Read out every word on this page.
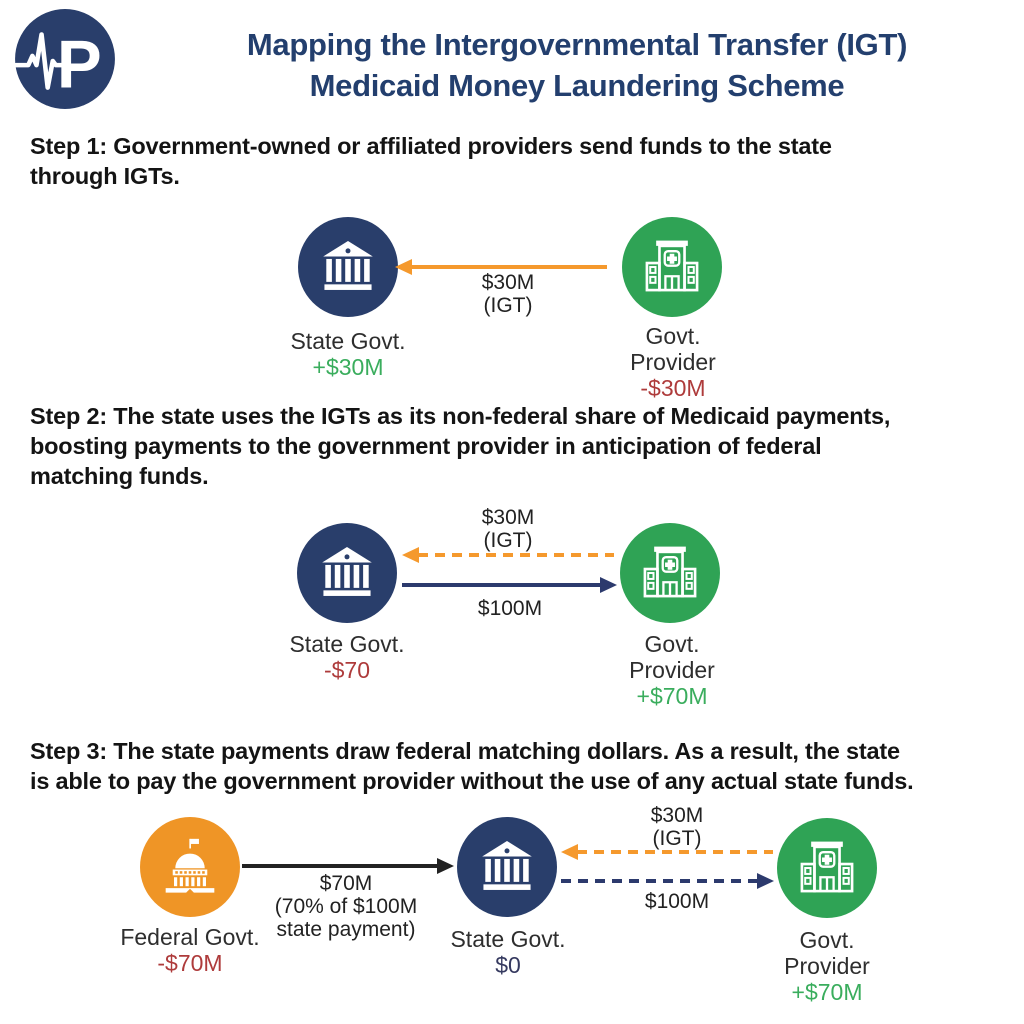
P	Mapping the Intergovernmental Transfer (IGT)
Medicaid Money Laundering Scheme
Step 1: Government-owned or affiliated providers send funds to the state
through IGTs.
$30M
(IGT)
State Govt.
+$30M
Govt.
Provider
-$30M
Step 2: The state uses the IGTs as its non-federal share of Medicaid payments,
boosting payments to the government provider in anticipation of federal
matching funds.
$30M
(IGT)
$100M
State Govt.
-$70
Govt.
Provider
+$70M
Step 3: The state payments draw federal matching dollars. As a result, the state
is able to pay the government provider without the use of any actual state funds.
$70M
(70% of $100M
state payment)
$30M
(IGT)
$100M
Federal Govt.
-$70M
State Govt.
$0
Govt.
Provider
+$70M
